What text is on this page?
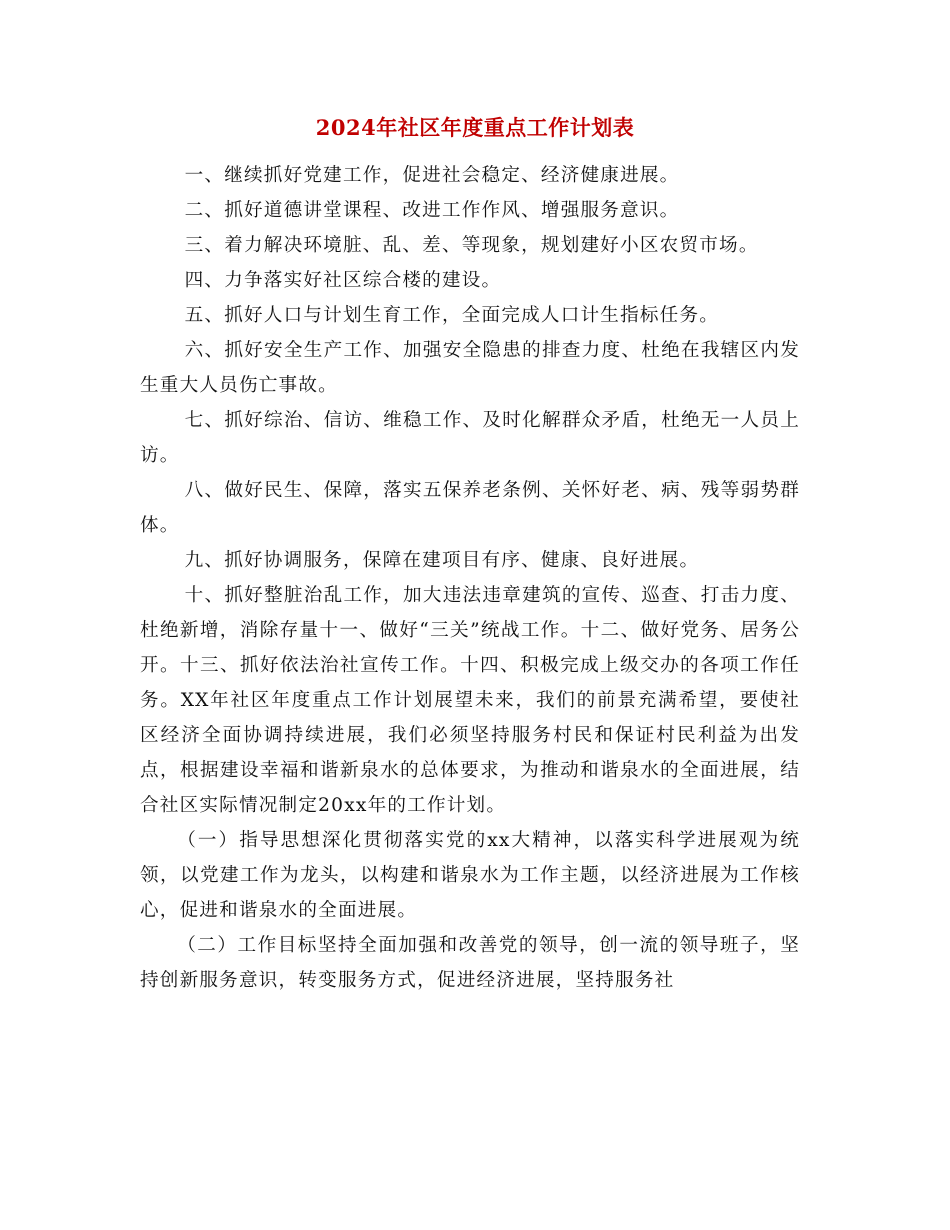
2024年社区年度重点工作计划表

一、继续抓好党建工作，促进社会稳定、经济健康进展。

二、抓好道德讲堂课程、改进工作作风、增强服务意识。

三、着力解决环境脏、乱、差、等现象，规划建好小区农贸市场。

四、力争落实好社区综合楼的建设。

五、抓好人口与计划生育工作，全面完成人口计生指标任务。

六、抓好安全生产工作、加强安全隐患的排查力度、杜绝在我辖区内发生重大人员伤亡事故。

七、抓好综治、信访、维稳工作、及时化解群众矛盾，杜绝无一人员上访。

八、做好民生、保障，落实五保养老条例、关怀好老、病、残等弱势群体。

九、抓好协调服务，保障在建项目有序、健康、良好进展。

十、抓好整脏治乱工作，加大违法违章建筑的宣传、巡查、打击力度、杜绝新增，消除存量十一、做好“三关”统战工作。十二、做好党务、居务公开。十三、抓好依法治社宣传工作。十四、积极完成上级交办的各项工作任务。XX年社区年度重点工作计划展望未来，我们的前景充满希望，要使社区经济全面协调持续进展，我们必须坚持服务村民和保证村民利益为出发点，根据建设幸福和谐新泉水的总体要求，为推动和谐泉水的全面进展，结合社区实际情况制定20xx年的工作计划。

（一）指导思想深化贯彻落实党的xx大精神，以落实科学进展观为统领，以党建工作为龙头，以构建和谐泉水为工作主题，以经济进展为工作核心，促进和谐泉水的全面进展。

（二）工作目标坚持全面加强和改善党的领导，创一流的领导班子，坚持创新服务意识，转变服务方式，促进经济进展，坚持服务社
